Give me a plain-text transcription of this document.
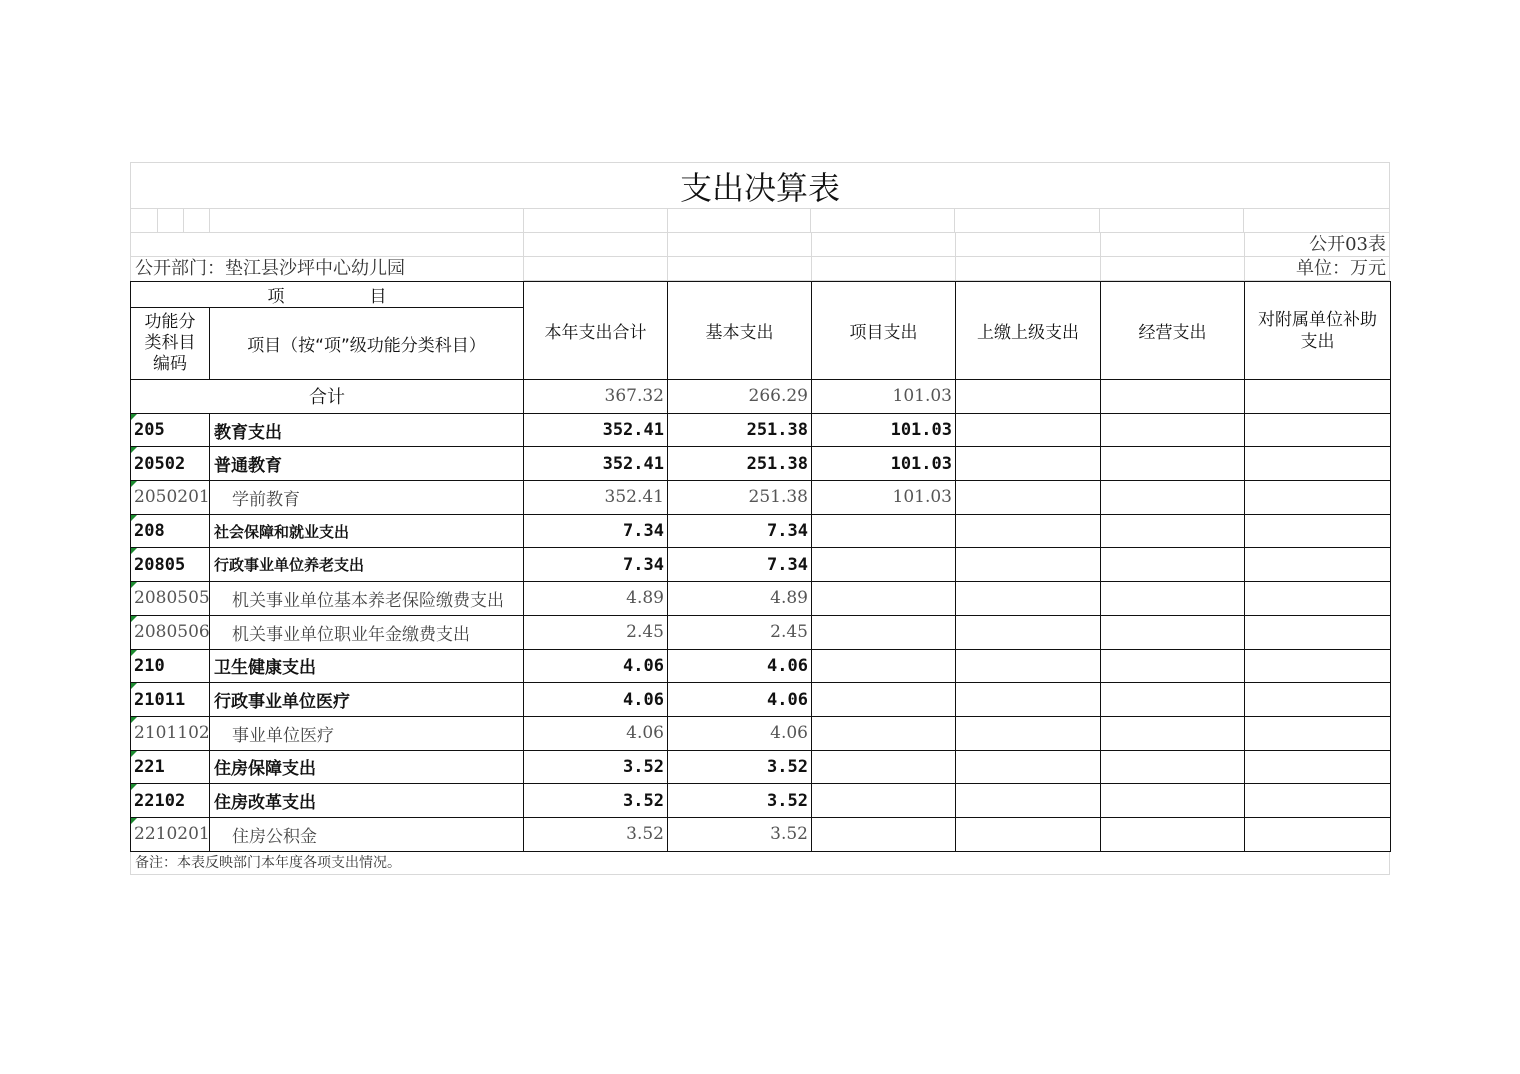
支出决算表
公开03表
公开部门：垫江县沙坪中心幼儿园	单位：万元
项　　　　　目		本年支出合计	基本支出	项目支出	上缴上级支出	经营支出	对附属单位补助支出
功能分类科目编码	项目（按“项”级功能分类科目）						
合计		367.32	266.29	101.03			
205	教育支出	352.41	251.38	101.03			
20502	普通教育	352.41	251.38	101.03			
2050201	学前教育	352.41	251.38	101.03			
208	社会保障和就业支出	7.34	7.34				
20805	行政事业单位养老支出	7.34	7.34				
2080505	机关事业单位基本养老保险缴费支出	4.89	4.89				
2080506	机关事业单位职业年金缴费支出	2.45	2.45				
210	卫生健康支出	4.06	4.06				
21011	行政事业单位医疗	4.06	4.06				
2101102	事业单位医疗	4.06	4.06				
221	住房保障支出	3.52	3.52				
22102	住房改革支出	3.52	3.52				
2210201	住房公积金	3.52	3.52				
备注：本表反映部门本年度各项支出情况。
